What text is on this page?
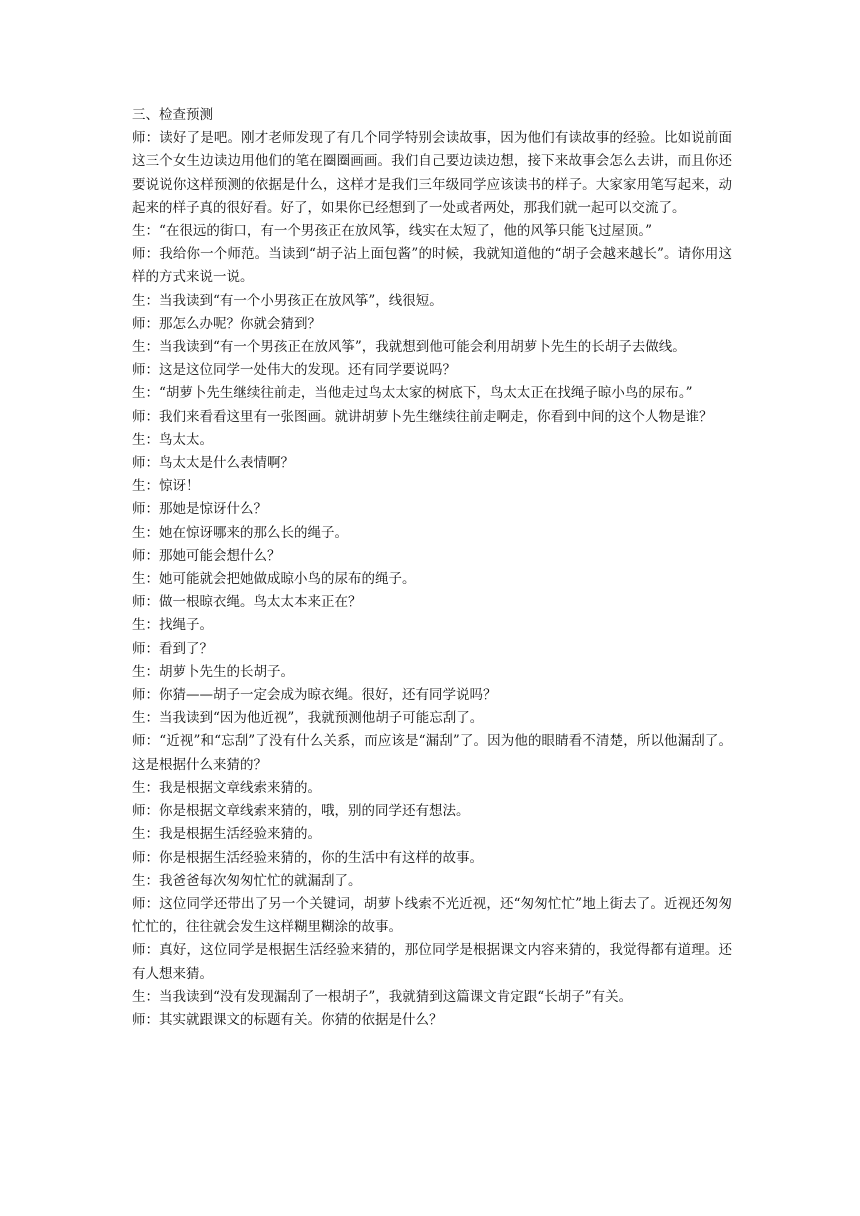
三、检查预测

师：读好了是吧。刚才老师发现了有几个同学特别会读故事，因为他们有读故事的经验。比如说前面这三个女生边读边用他们的笔在圈圈画画。我们自己要边读边想，接下来故事会怎么去讲，而且你还要说说你这样预测的依据是什么，这样才是我们三年级同学应该读书的样子。大家家用笔写起来，动起来的样子真的很好看。好了，如果你已经想到了一处或者两处，那我们就一起可以交流了。

生：“在很远的街口，有一个男孩正在放风筝，线实在太短了，他的风筝只能飞过屋顶。”

师：我给你一个师范。当读到“胡子沾上面包酱”的时候，我就知道他的“胡子会越来越长”。请你用这样的方式来说一说。

生：当我读到“有一个小男孩正在放风筝”，线很短。

师：那怎么办呢？你就会猜到？

生：当我读到“有一个男孩正在放风筝”，我就想到他可能会利用胡萝卜先生的长胡子去做线。

师：这是这位同学一处伟大的发现。还有同学要说吗？

生：“胡萝卜先生继续往前走，当他走过鸟太太家的树底下，鸟太太正在找绳子晾小鸟的尿布。”

师：我们来看看这里有一张图画。就讲胡萝卜先生继续往前走啊走，你看到中间的这个人物是谁？

生：鸟太太。

师：鸟太太是什么表情啊？

生：惊讶！

师：那她是惊讶什么？

生：她在惊讶哪来的那么长的绳子。

师：那她可能会想什么？

生：她可能就会把她做成晾小鸟的尿布的绳子。

师：做一根晾衣绳。鸟太太本来正在？

生：找绳子。

师：看到了？

生：胡萝卜先生的长胡子。

师：你猜——胡子一定会成为晾衣绳。很好，还有同学说吗？

生：当我读到“因为他近视”，我就预测他胡子可能忘刮了。

师：“近视”和“忘刮”了没有什么关系，而应该是“漏刮”了。因为他的眼睛看不清楚，所以他漏刮了。这是根据什么来猜的？

生：我是根据文章线索来猜的。

师：你是根据文章线索来猜的，哦，别的同学还有想法。

生：我是根据生活经验来猜的。

师：你是根据生活经验来猜的，你的生活中有这样的故事。

生：我爸爸每次匆匆忙忙的就漏刮了。

师：这位同学还带出了另一个关键词，胡萝卜线索不光近视，还“匆匆忙忙”地上街去了。近视还匆匆忙忙的，往往就会发生这样糊里糊涂的故事。

师：真好，这位同学是根据生活经验来猜的，那位同学是根据课文内容来猜的，我觉得都有道理。还有人想来猜。

生：当我读到“没有发现漏刮了一根胡子”，我就猜到这篇课文肯定跟“长胡子”有关。

师：其实就跟课文的标题有关。你猜的依据是什么？
